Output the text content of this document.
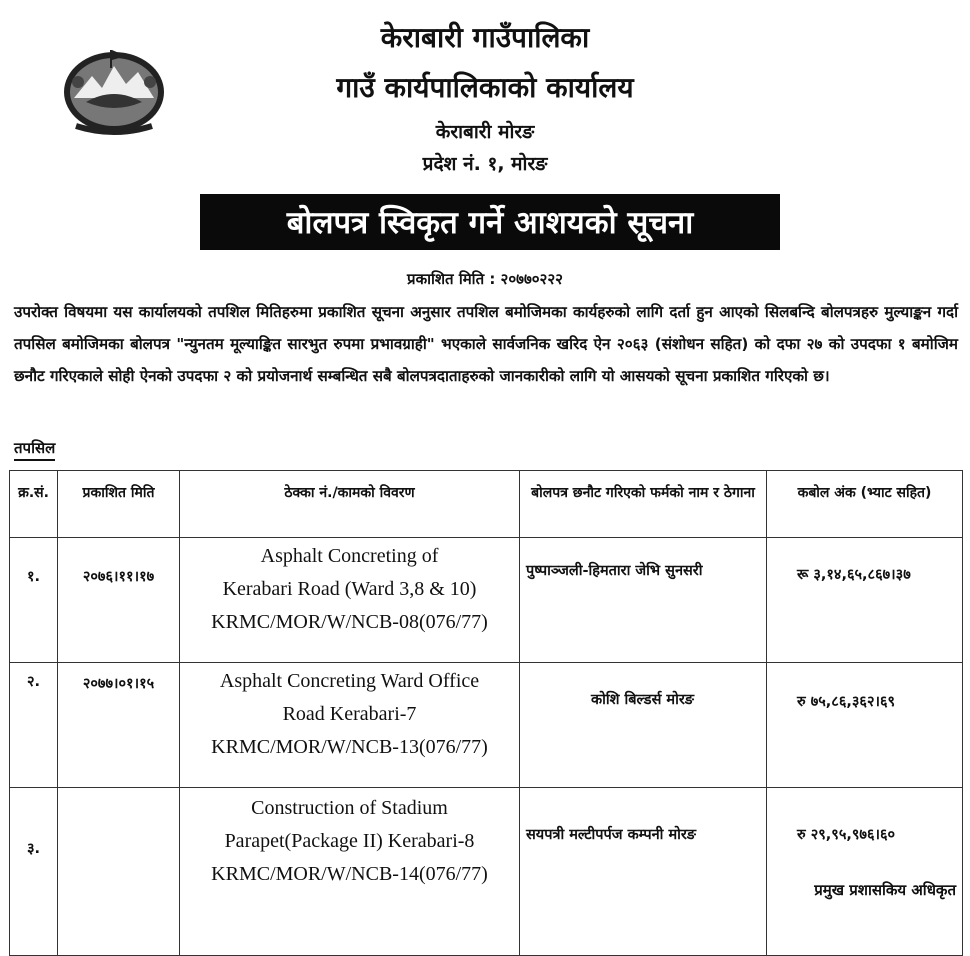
केराबारी गाउँपालिका
गाउँ कार्यपालिकाको कार्यालय
केराबारी मोरङ
प्रदेश नं. १, मोरङ
बोलपत्र स्विकृत गर्ने आशयको सूचना
प्रकाशित मिति : २०७७०२२२
उपरोक्त विषयमा यस कार्यालयको तपशिल मितिहरुमा प्रकाशित सूचना अनुसार तपशिल बमोजिमका कार्यहरुको लागि दर्ता हुन आएको सिलबन्दि बोलपत्रहरु मुल्याङ्कन गर्दा तपसिल बमोजिमका बोलपत्र "न्युनतम मूल्याङ्कित सारभुत रुपमा प्रभावग्राही" भएकाले सार्वजनिक खरिद ऐन २०६३ (संशोधन सहित) को दफा २७ को उपदफा १ बमोजिम छनौट गरिएकाले सोही ऐनको उपदफा २ को प्रयोजनार्थ सम्बन्धित सबै बोलपत्रदाताहरुको जानकारीको लागि यो आसयको सूचना प्रकाशित गरिएको छ।
तपसिल
क्र.सं.	प्रकाशित मिति	ठेक्का नं./कामको विवरण	बोलपत्र छनौट गरिएको फर्मको नाम र ठेगाना	कबोल अंक (भ्याट सहित)
१.	२०७६।११।१७	Asphalt Concreting of
Kerabari Road (Ward 3,8 & 10)
KRMC/MOR/W/NCB-08(076/77)	पुष्पाञ्जली-हिमतारा जेभि सुनसरी	रू ३,१४,६५,८६७।३७
२.	२०७७।०१।१५	Asphalt Concreting Ward Office
Road Kerabari-7
KRMC/MOR/W/NCB-13(076/77)	कोशि बिल्डर्स मोरङ	रु ७५,८६,३६२।६९
३.		Construction of Stadium
Parapet(Package II) Kerabari-8
KRMC/MOR/W/NCB-14(076/77)	सयपत्री मल्टीपर्पज कम्पनी मोरङ	रु २९,९५,९७६।६०
प्रमुख प्रशासकिय अधिकृत
